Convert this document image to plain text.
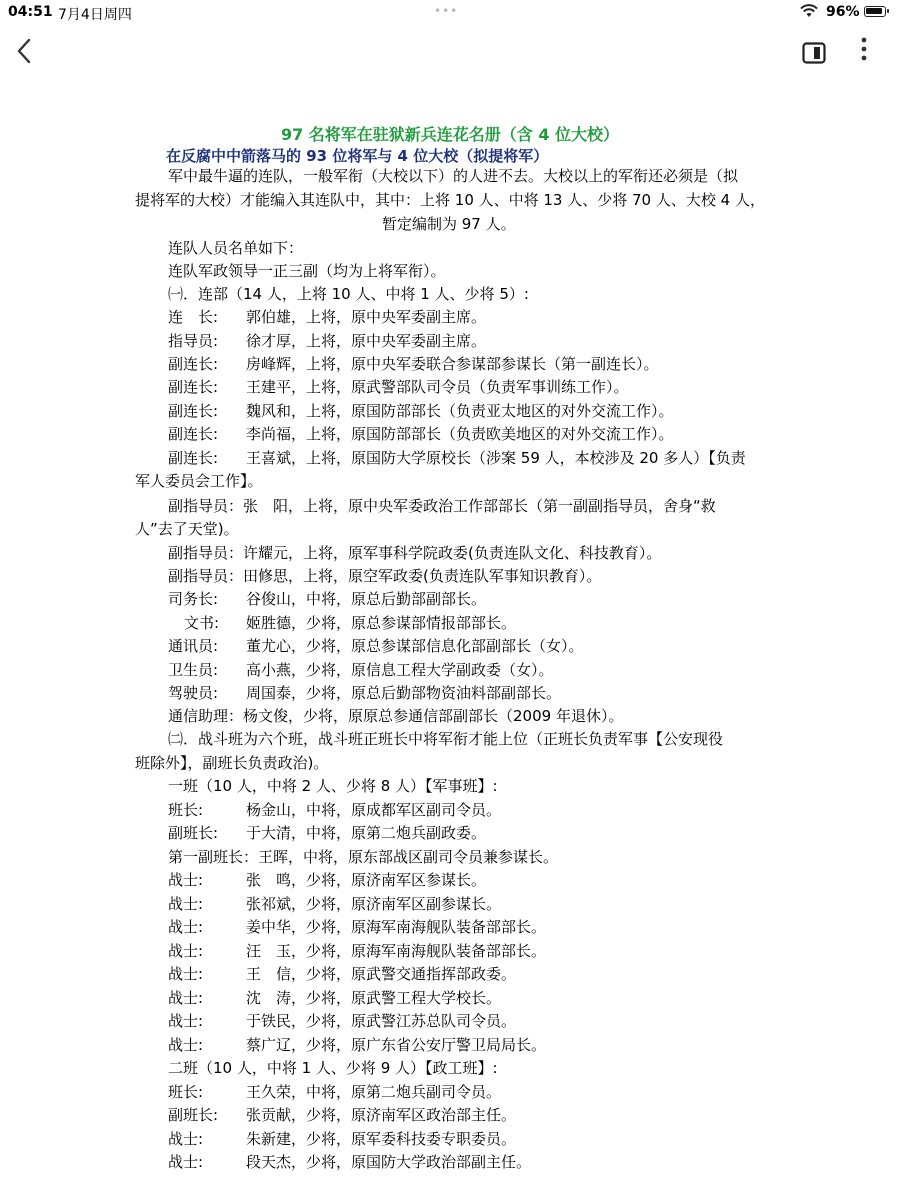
04:51 7月4日周四	•••	96%
97 名将军在驻狱新兵连花名册（含 4 位大校）
在反腐中中箭落马的 93 位将军与 4 位大校（拟提将军）
军中最牛逼的连队，一般军衔（大校以下）的人进不去。大校以上的军衔还必须是（拟
提将军的大校）才能编入其连队中，其中：上将 10 人、中将 13 人、少将 70 人、大校 4 人，
暂定编制为 97 人。
连队人员名单如下：
连队军政领导一正三副（均为上将军衔）。
㈠．连部（14 人，上将 10 人、中将 1 人、少将 5）:
连　长: 郭伯雄，上将，原中央军委副主席。
指导员: 徐才厚，上将，原中央军委副主席。
副连长: 房峰辉，上将，原中央军委联合参谋部参谋长（第一副连长）。
副连长: 王建平，上将，原武警部队司令员（负责军事训练工作）。
副连长: 魏风和，上将，原国防部部长（负责亚太地区的对外交流工作）。
副连长: 李尚福，上将，原国防部部长（负责欧美地区的对外交流工作）。
副连长: 王喜斌，上将，原国防大学原校长（涉案 59 人，本校涉及 20 多人）【负责
军人委员会工作】。
副指导员：张　阳，上将，原中央军委政治工作部部长（第一副副指导员，舍身“救
人”去了天堂)。
副指导员：许耀元，上将，原军事科学院政委(负责连队文化、科技教育）。
副指导员：田修思，上将，原空军政委(负责连队军事知识教育）。
司务长: 谷俊山，中将，原总后勤部副部长。
文书: 姬胜德，少将，原总参谋部情报部部长。
通讯员: 董尤心，少将，原总参谋部信息化部副部长（女）。
卫生员: 高小燕，少将，原信息工程大学副政委（女）。
驾驶员: 周国泰，少将，原总后勤部物资油料部副部长。
通信助理：杨文俊，少将，原原总参通信部副部长（2009 年退休）。
㈡．战斗班为六个班，战斗班正班长中将军衔才能上位（正班长负责军事【公安现役
班除外】，副班长负责政治)。
一班（10 人，中将 2 人、少将 8 人）【军事班】:
班长:	杨金山，中将，原成都军区副司令员。
副班长: 于大清，中将，原第二炮兵副政委。
第一副班长：王晖，中将，原东部战区副司令员兼参谋长。
战士:	张　鸣，少将，原济南军区参谋长。
战士:	张祁斌，少将，原济南军区副参谋长。
战士:	姜中华，少将，原海军南海舰队装备部部长。
战士:	汪　玉，少将，原海军南海舰队装备部部长。
战士:	王　信，少将，原武警交通指挥部政委。
战士:	沈　涛，少将，原武警工程大学校长。
战士:	于铁民，少将，原武警江苏总队司令员。
战士:	蔡广辽，少将，原广东省公安厅警卫局局长。
二班（10 人，中将 1 人、少将 9 人）【政工班】:
班长:	王久荣，中将，原第二炮兵副司令员。
副班长: 张贡献，少将，原济南军区政治部主任。
战士:	朱新建，少将，原军委科技委专职委员。
战士:	段天杰，少将，原国防大学政治部副主任。
